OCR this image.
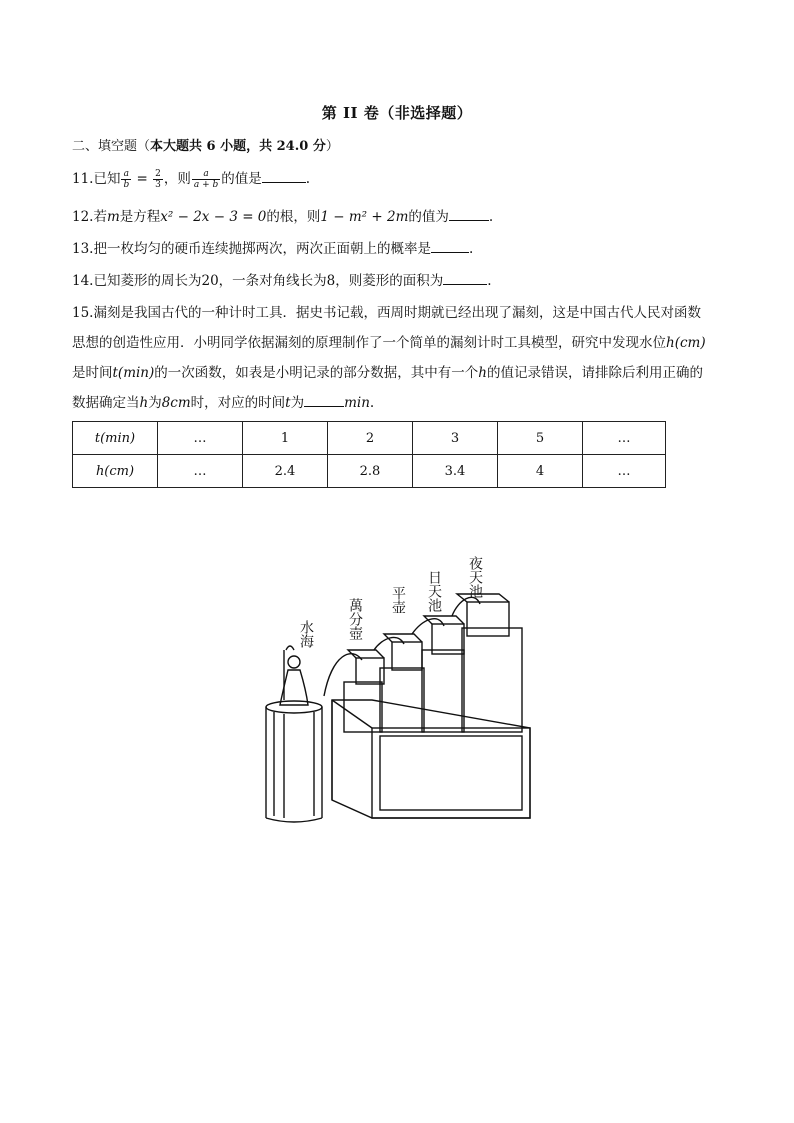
第 II 卷（非选择题）
二、填空题（本大题共 6 小题，共 24.0 分）
11.已知 $\frac{a}{b} = \frac{2}{3}$ ，则 $\frac{a}{a + b}$ 的值是	.
12.若m是方程x² − 2x − 3 = 0的根，则1 − m² + 2m的值为	.
13.把一枚均匀的硬币连续抛掷两次，两次正面朝上的概率是	.
14.已知菱形的周长为20，一条对角线长为8，则菱形的面积为	.
15.漏刻是我国古代的一种计时工具．据史书记载，西周时期就已经出现了漏刻，这是中国古代人民对函数
思想的创造性应用．小明同学依据漏刻的原理制作了一个简单的漏刻计时工具模型，研究中发现水位h(cm)
是时间t(min)的一次函数，如表是小明记录的部分数据，其中有一个h的值记录错误，请排除后利用正确的
数据确定当h为8cm时，对应的时间t为	min.
t(min)	…	1	2	3	5	…
h(cm)	…	2.4	2.8	3.4	4	…
水海 萬分壺 平壶 日天池 夜天池
